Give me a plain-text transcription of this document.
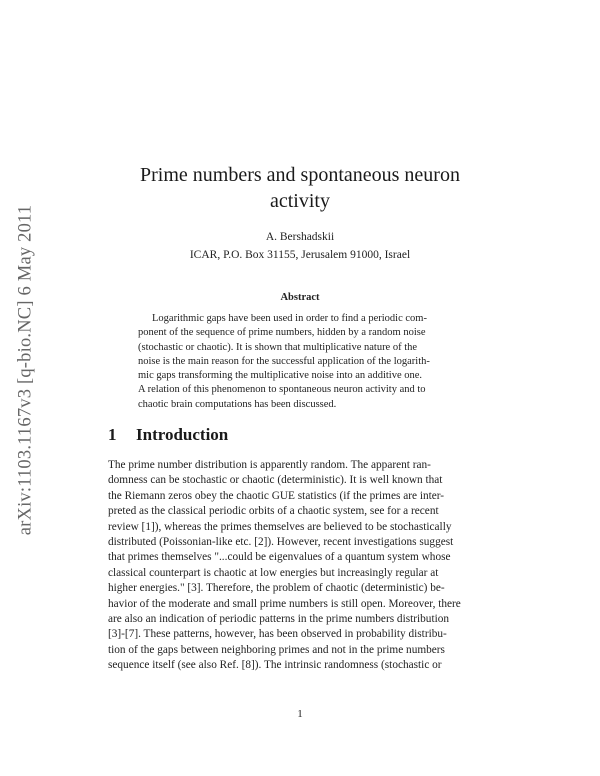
arXiv:1103.1167v3 [q-bio.NC] 6 May 2011
Prime numbers and spontaneous neuron
activity
A. Bershadskii
ICAR, P.O. Box 31155, Jerusalem 91000, Israel
Abstract
Logarithmic gaps have been used in order to find a periodic com-
ponent of the sequence of prime numbers, hidden by a random noise
(stochastic or chaotic). It is shown that multiplicative nature of the
noise is the main reason for the successful application of the logarith-
mic gaps transforming the multiplicative noise into an additive one.
A relation of this phenomenon to spontaneous neuron activity and to
chaotic brain computations has been discussed.
1 Introduction
The prime number distribution is apparently random. The apparent ran-
domness can be stochastic or chaotic (deterministic). It is well known that
the Riemann zeros obey the chaotic GUE statistics (if the primes are inter-
preted as the classical periodic orbits of a chaotic system, see for a recent
review [1]), whereas the primes themselves are believed to be stochastically
distributed (Poissonian-like etc. [2]). However, recent investigations suggest
that primes themselves "...could be eigenvalues of a quantum system whose
classical counterpart is chaotic at low energies but increasingly regular at
higher energies." [3]. Therefore, the problem of chaotic (deterministic) be-
havior of the moderate and small prime numbers is still open. Moreover, there
are also an indication of periodic patterns in the prime numbers distribution
[3]-[7]. These patterns, however, has been observed in probability distribu-
tion of the gaps between neighboring primes and not in the prime numbers
sequence itself (see also Ref. [8]). The intrinsic randomness (stochastic or
1
